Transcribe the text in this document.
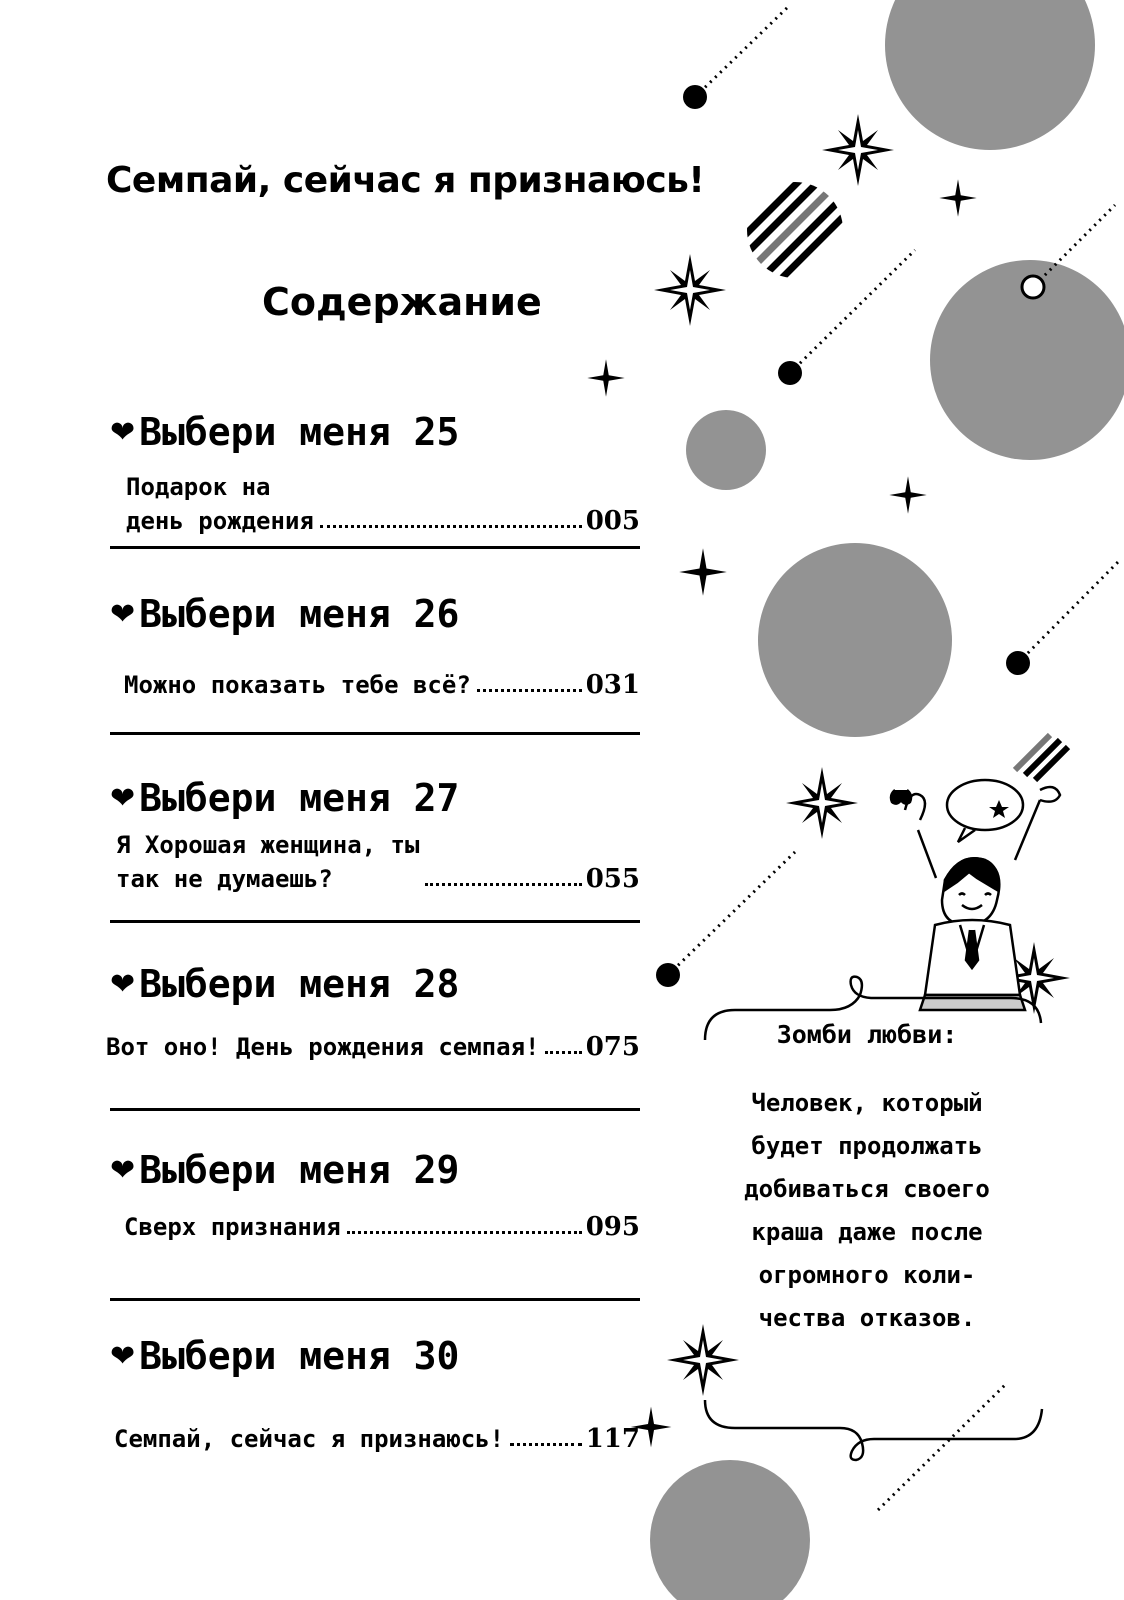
Семпай, сейчас я признаюсь!
Содержание
❤ Выбери меня 25
Подарок на
день рождения	005
❤ Выбери меня 26
Можно показать тебе всё?	031
❤ Выбери меня 27
Я Хорошая женщина, ты
так не думаешь?	055
❤ Выбери меня 28
Вот оно! День рождения семпая! 075
❤ Выбери меня 29
Сверх признания	095
❤ Выбери меня 30
Семпай, сейчас я признаюсь!	117
Зомби любви:
Человек, который
будет продолжать
добиваться своего
краша даже после
огромного коли-
чества отказов.
